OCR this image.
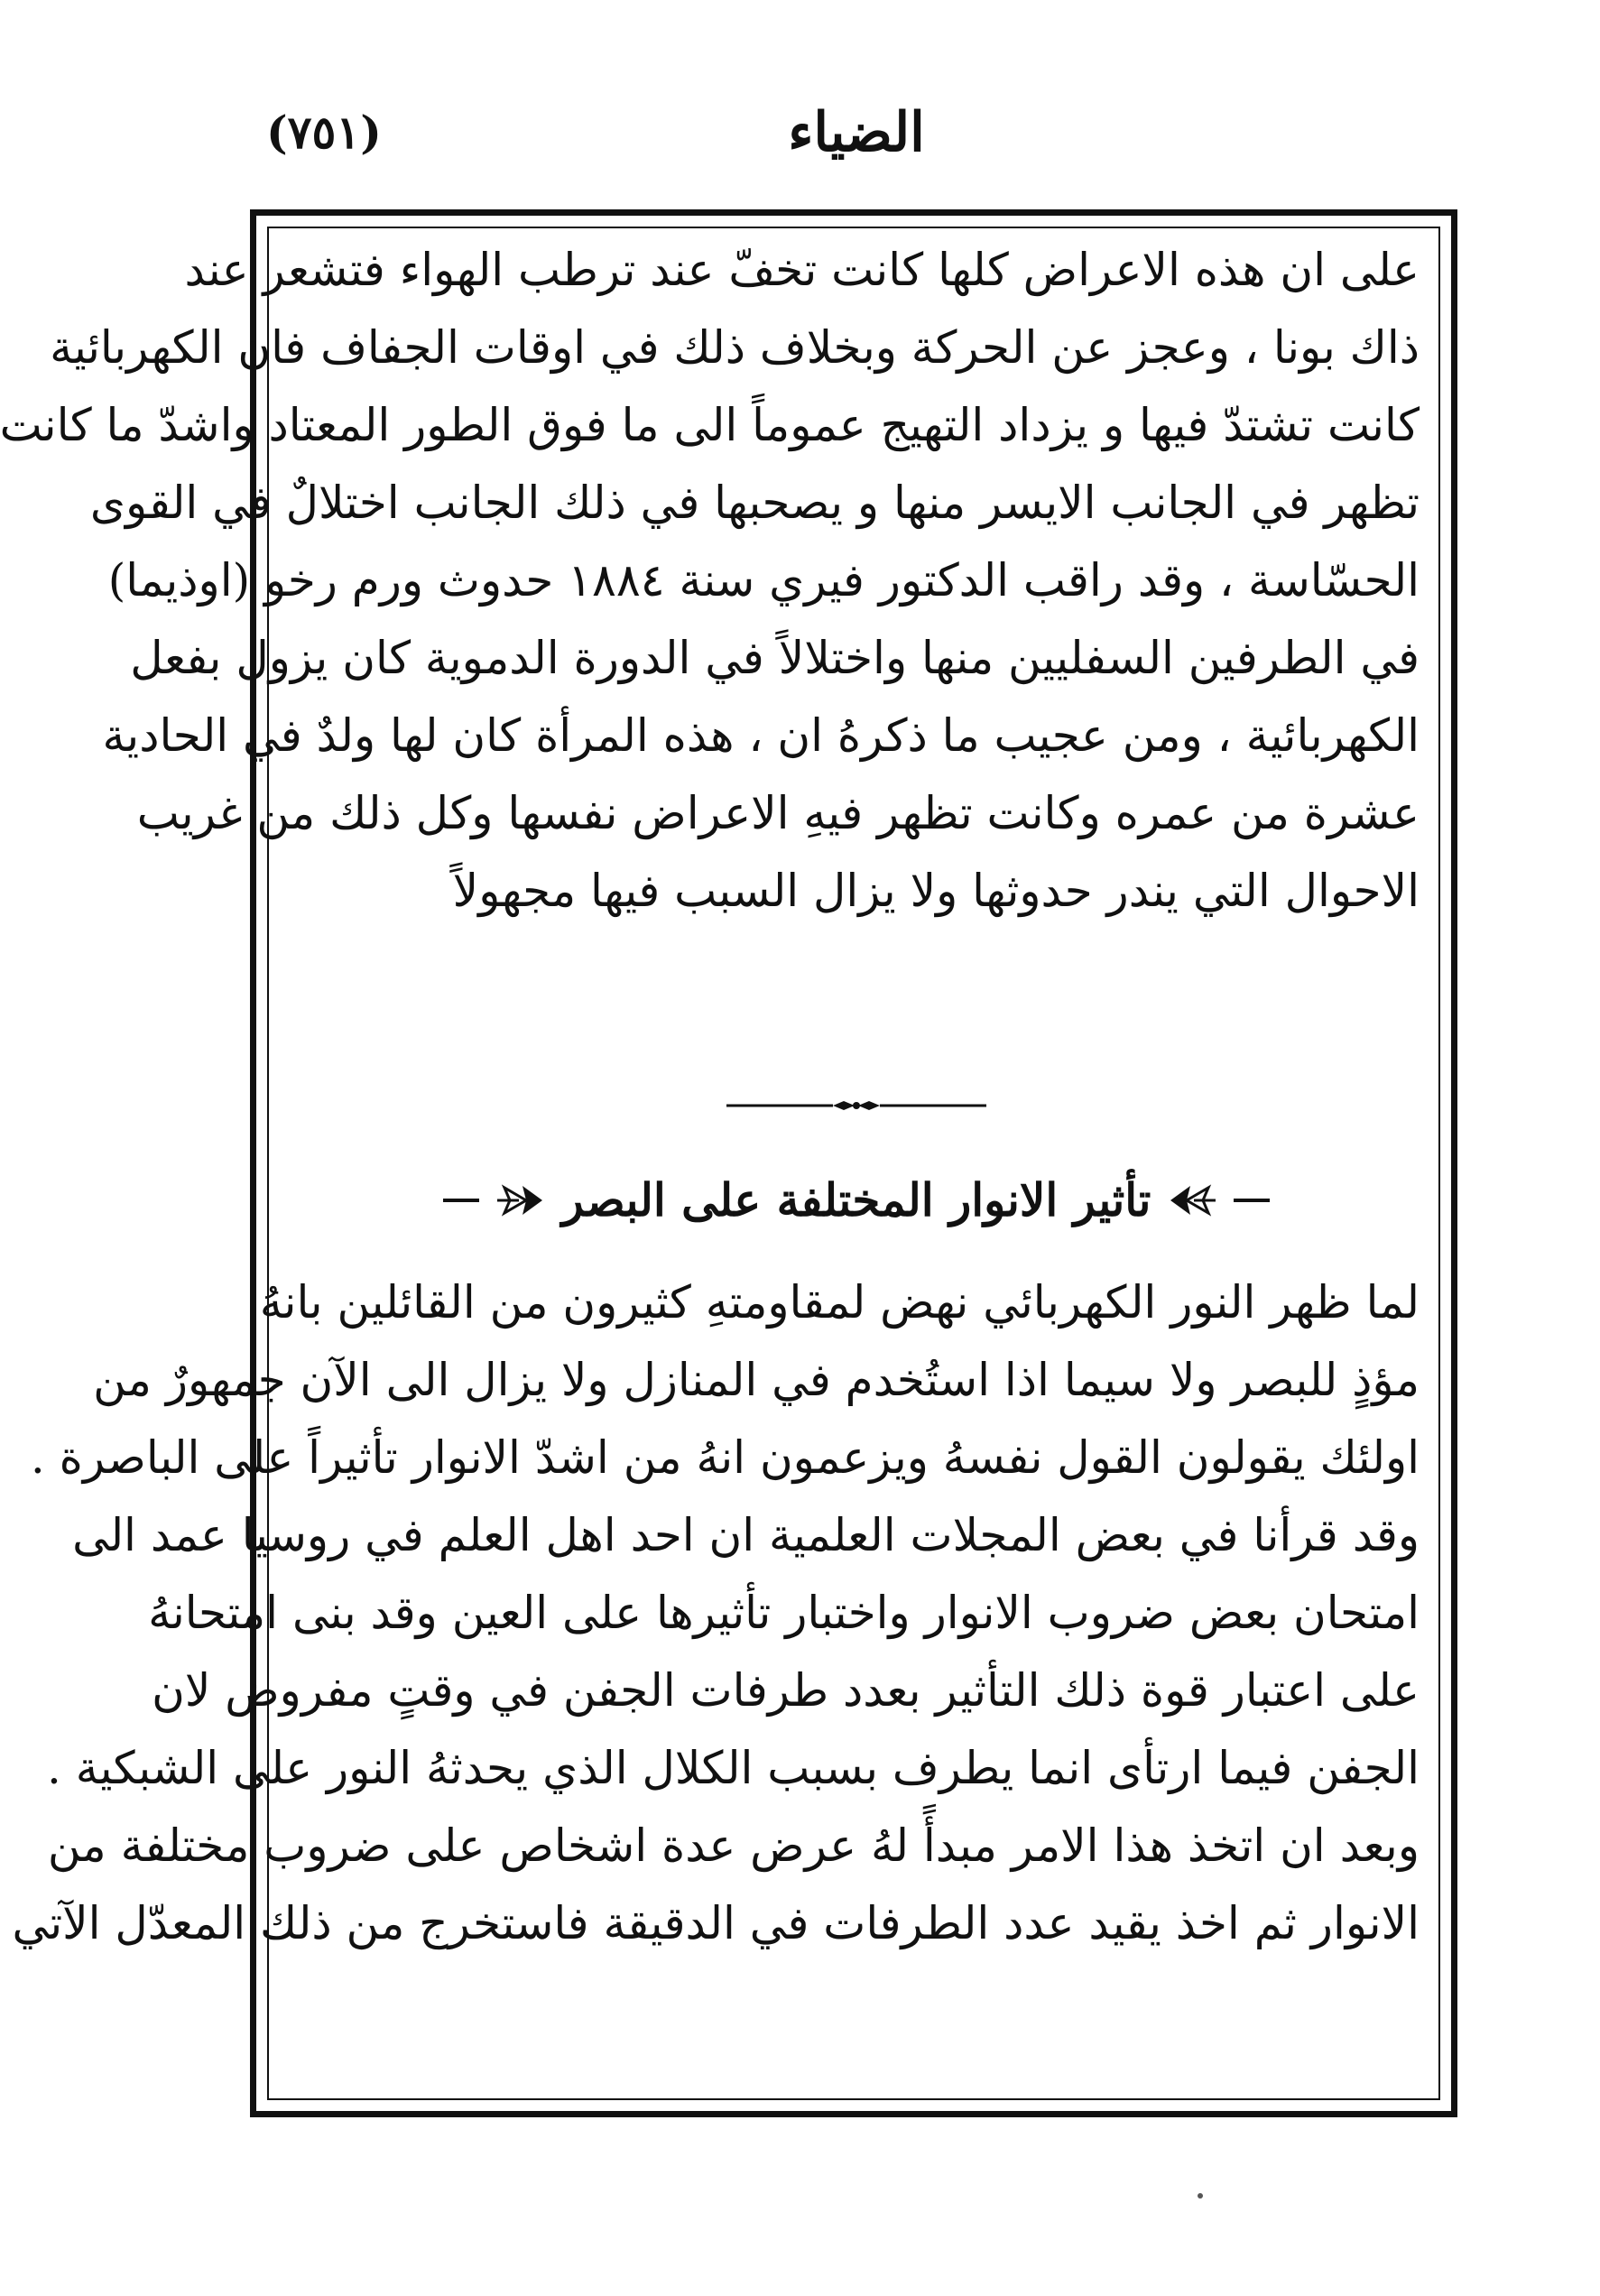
الضياء
(٧٥١)
على ان هذه الاعراض كلها كانت تخفّ عند ترطب الهواء فتشعر عند
ذاك بونا ، وعجز عن الحركة وبخلاف ذلك في اوقات الجفاف فان الكهربائية
كانت تشتدّ فيها و يزداد التهيج عموماً الى ما فوق الطور المعتاد واشدّ ما كانت
تظهر في الجانب الايسر منها و يصحبها في ذلك الجانب اختلالٌ في القوى
الحسّاسة ، وقد راقب الدكتور فيري سنة ١٨٨٤ حدوث ورم رخو (اوذيما)
في الطرفين السفليين منها واختلالاً في الدورة الدموية كان يزول بفعل
الكهربائية ، ومن عجيب ما ذكرهُ ان ، هذه المرأة كان لها ولدٌ في الحادية
عشرة من عمره وكانت تظهر فيهِ الاعراض نفسها وكل ذلك من غريب
الاحوال التي يندر حدوثها ولا يزال السبب فيها مجهولاً
تأثير الانوار المختلفة على البصر
لما ظهر النور الكهربائي نهض لمقاومتهِ كثيرون من القائلين بانهُ
مؤذٍ للبصر ولا سيما اذا استُخدم في المنازل ولا يزال الى الآن جمهورٌ من
اولئك يقولون القول نفسهُ ويزعمون انهُ من اشدّ الانوار تأثيراً على الباصرة .
وقد قرأنا في بعض المجلات العلمية ان احد اهل العلم في روسيا عمد الى
امتحان بعض ضروب الانوار واختبار تأثيرها على العين وقد بنى امتحانهُ
على اعتبار قوة ذلك التأثير بعدد طرفات الجفن في وقتٍ مفروض لان
الجفن فيما ارتأى انما يطرف بسبب الكلال الذي يحدثهُ النور على الشبكية .
وبعد ان اتخذ هذا الامر مبدأً لهُ عرض عدة اشخاص على ضروب مختلفة من
الانوار ثم اخذ يقيد عدد الطرفات في الدقيقة فاستخرج من ذلك المعدّل الآتي
